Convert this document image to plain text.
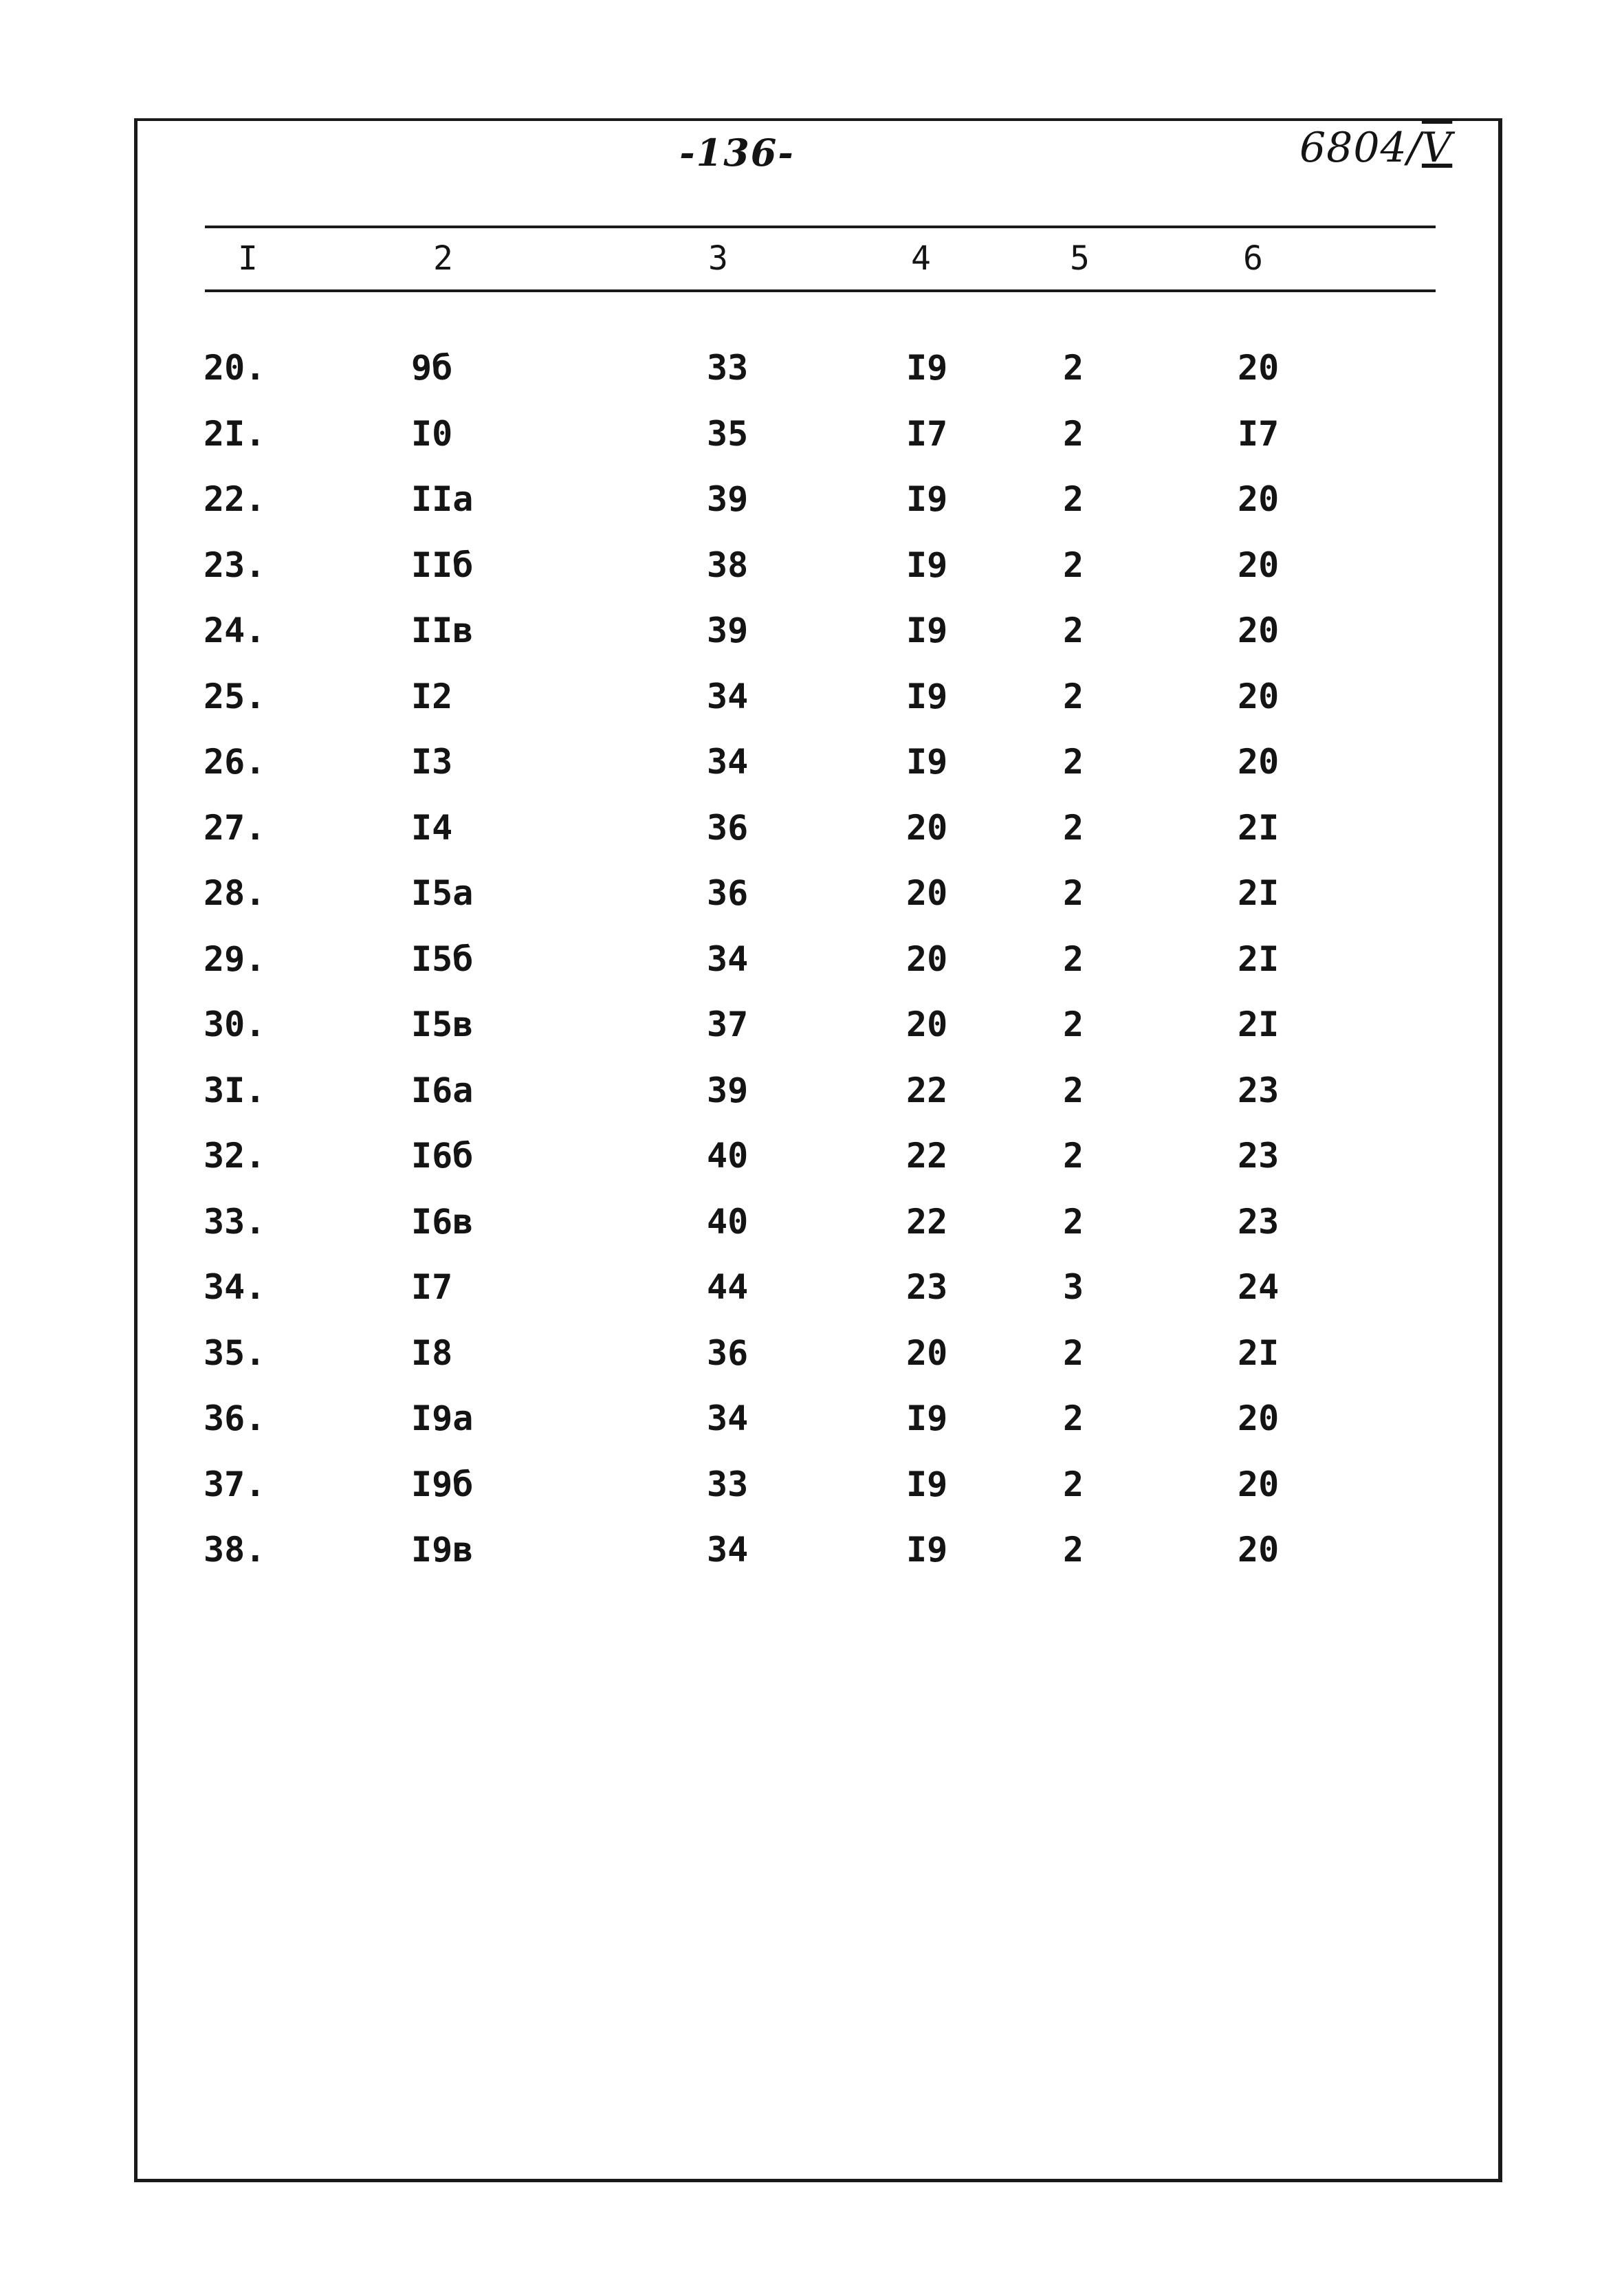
-136-	6804/V
I	2	3	4	5	6
20.	9б	33	I9	2	20
2I.	I0	35	I7	2	I7
22.	IIа	39	I9	2	20
23.	IIб	38	I9	2	20
24.	IIв	39	I9	2	20
25.	I2	34	I9	2	20
26.	I3	34	I9	2	20
27.	I4	36	20	2	2I
28.	I5а	36	20	2	2I
29.	I5б	34	20	2	2I
30.	I5в	37	20	2	2I
3I.	I6а	39	22	2	23
32.	I6б	40	22	2	23
33.	I6в	40	22	2	23
34.	I7	44	23	3	24
35.	I8	36	20	2	2I
36.	I9а	34	I9	2	20
37.	I9б	33	I9	2	20
38.	I9в	34	I9	2	20
